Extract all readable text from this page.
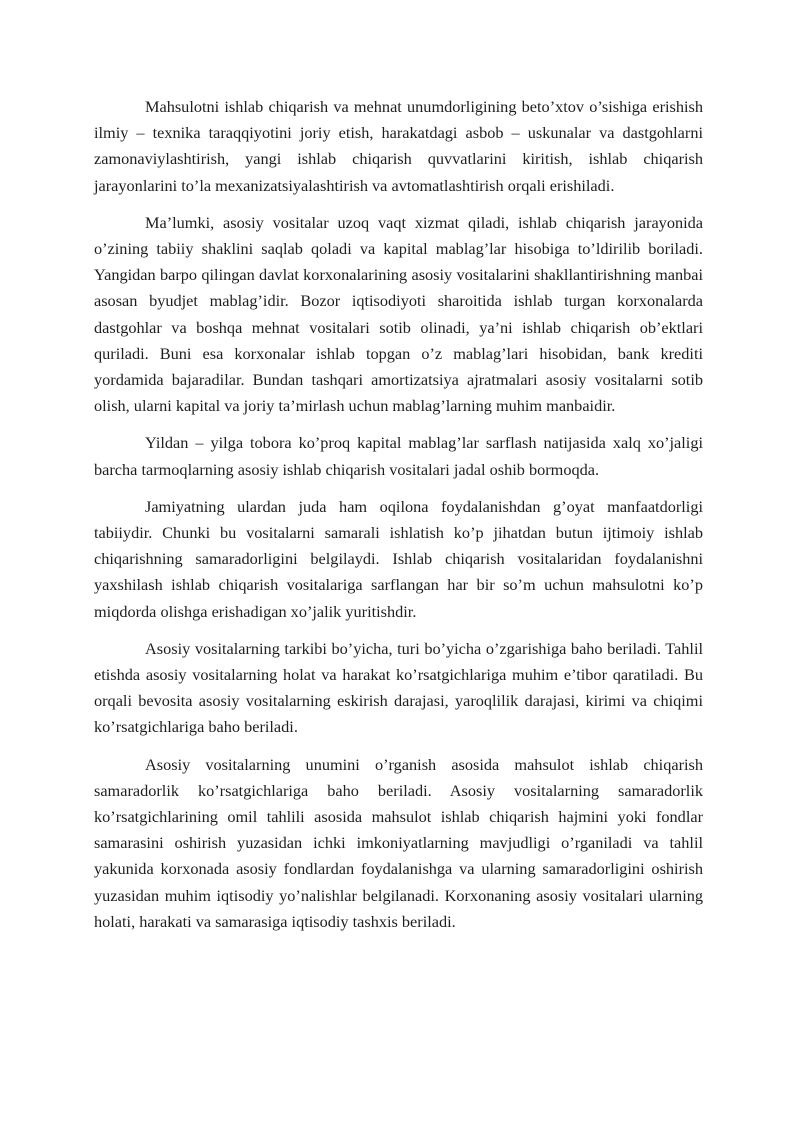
Mahsulotni ishlab chiqarish va mehnat unumdorligining beto’xtov o’sishiga erishish ilmiy – texnika taraqqiyotini joriy etish, harakatdagi asbob – uskunalar va dastgohlarni zamonaviylashtirish, yangi ishlab chiqarish quvvatlarini kiritish, ishlab chiqarish jarayonlarini to’la mexanizatsiyalashtirish va avtomatlashtirish orqali erishiladi.

Ma’lumki, asosiy vositalar uzoq vaqt xizmat qiladi, ishlab chiqarish jarayonida o’zining tabiiy shaklini saqlab qoladi va kapital mablag’lar hisobiga to’ldirilib boriladi. Yangidan barpo qilingan davlat korxonalarining asosiy vositalarini shakllantirishning manbai asosan byudjet mablag’idir. Bozor iqtisodiyoti sharoitida ishlab turgan korxonalarda dastgohlar va boshqa mehnat vositalari sotib olinadi, ya’ni ishlab chiqarish ob’ektlari quriladi. Buni esa korxonalar ishlab topgan o’z mablag’lari hisobidan, bank krediti yordamida bajaradilar. Bundan tashqari amortizatsiya ajratmalari asosiy vositalarni sotib olish, ularni kapital va joriy ta’mirlash uchun mablag’larning muhim manbaidir.

Yildan – yilga tobora ko’proq kapital mablag’lar sarflash natijasida xalq xo’jaligi barcha tarmoqlarning asosiy ishlab chiqarish vositalari jadal oshib bormoqda.

Jamiyatning ulardan juda ham oqilona foydalanishdan g’oyat manfaatdorligi tabiiydir. Chunki bu vositalarni samarali ishlatish ko’p jihatdan butun ijtimoiy ishlab chiqarishning samaradorligini belgilaydi. Ishlab chiqarish vositalaridan foydalanishni yaxshilash ishlab chiqarish vositalariga sarflangan har bir so’m uchun mahsulotni ko’p miqdorda olishga erishadigan xo’jalik yuritishdir.

Asosiy vositalarning tarkibi bo’yicha, turi bo’yicha o’zgarishiga baho beriladi. Tahlil etishda asosiy vositalarning holat va harakat ko’rsatgichlariga muhim e’tibor qaratiladi. Bu orqali bevosita asosiy vositalarning eskirish darajasi, yaroqlilik darajasi, kirimi va chiqimi ko’rsatgichlariga baho beriladi.

Asosiy vositalarning unumini o’rganish asosida mahsulot ishlab chiqarish samaradorlik ko’rsatgichlariga baho beriladi. Asosiy vositalarning samaradorlik ko’rsatgichlarining omil tahlili asosida mahsulot ishlab chiqarish hajmini yoki fondlar samarasini oshirish yuzasidan ichki imkoniyatlarning mavjudligi o’rganiladi va tahlil yakunida korxonada asosiy fondlardan foydalanishga va ularning samaradorligini oshirish yuzasidan muhim iqtisodiy yo’nalishlar belgilanadi. Korxonaning asosiy vositalari ularning holati, harakati va samarasiga iqtisodiy tashxis beriladi.
